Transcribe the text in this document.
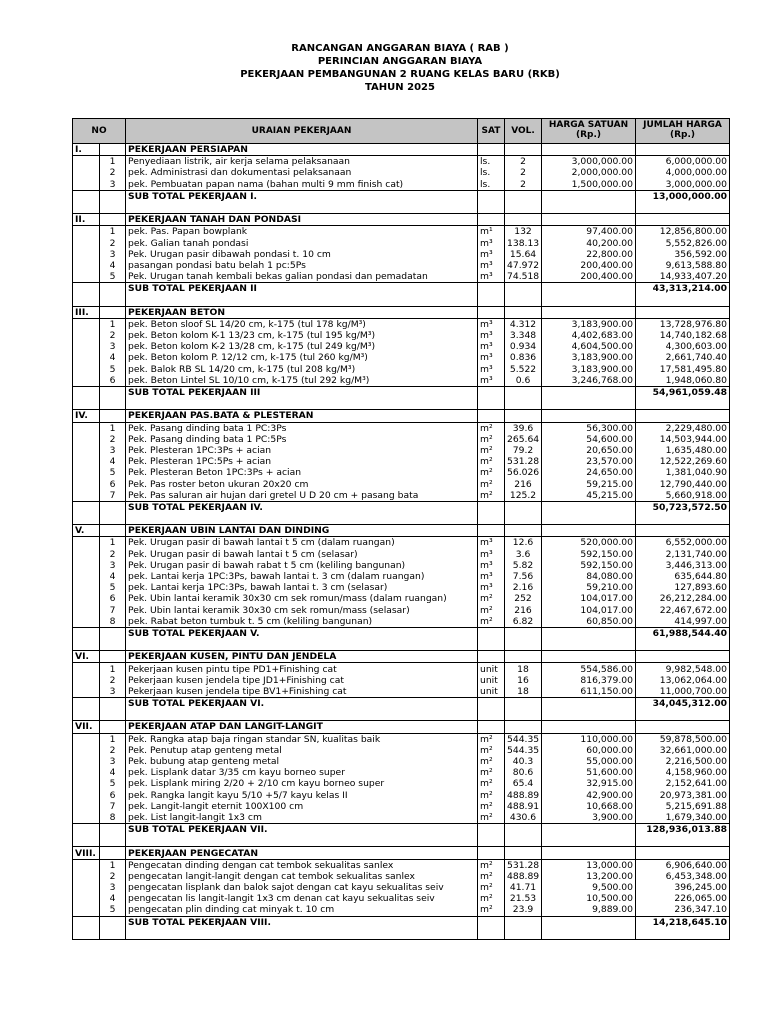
RANCANGAN ANGGARAN BIAYA ( RAB )
PERINCIAN ANGGARAN BIAYA
PEKERJAAN PEMBANGUNAN 2 RUANG KELAS BARU (RKB)
TAHUN 2025
NO		URAIAN PEKERJAAN	SAT	VOL.	HARGA SATUAN (Rp.)	JUMLAH HARGA (Rp.)
I.		PEKERJAAN PERSIAPAN				
	1	Penyediaan listrik, air kerja selama pelaksanaan	ls.	2	3,000,000.00	6,000,000.00
	2	pek. Administrasi dan dokumentasi pelaksanaan	ls.	2	2,000,000.00	4,000,000.00
	3	pek. Pembuatan papan nama (bahan multi 9 mm finish cat)	ls.	2	1,500,000.00	3,000,000.00
		SUB TOTAL PEKERJAAN I.				13,000,000.00

II.		PEKERJAAN TANAH DAN PONDASI				
	1	pek. Pas. Papan bowplank	m¹	132	97,400.00	12,856,800.00
	2	pek. Galian tanah pondasi	m³	138.13	40,200.00	5,552,826.00
	3	Pek. Urugan pasir dibawah pondasi t. 10 cm	m³	15.64	22,800.00	356,592.00
	4	pasangan pondasi batu belah 1 pc:5Ps	m³	47.972	200,400.00	9,613,588.80
	5	Pek. Urugan tanah kembali bekas galian pondasi dan pemadatan	m³	74.518	200,400.00	14,933,407.20
		SUB TOTAL PEKERJAAN II				43,313,214.00

III.		PEKERJAAN BETON				
	1	pek. Beton sloof SL 14/20 cm, k-175 (tul 178 kg/M³)	m³	4.312	3,183,900.00	13,728,976.80
	2	pek. Beton kolom K-1 13/23 cm, k-175 (tul 195 kg/M³)	m³	3.348	4,402,683.00	14,740,182.68
	3	pek. Beton kolom K-2 13/28 cm, k-175 (tul 249 kg/M³)	m³	0.934	4,604,500.00	4,300,603.00
	4	pek. Beton kolom P. 12/12 cm, k-175 (tul 260 kg/M³)	m³	0.836	3,183,900.00	2,661,740.40
	5	pek. Balok RB SL 14/20 cm, k-175 (tul 208 kg/M³)	m³	5.522	3,183,900.00	17,581,495.80
	6	pek. Beton Lintel SL 10/10 cm, k-175 (tul 292 kg/M³)	m³	0.6	3,246,768.00	1,948,060.80
		SUB TOTAL PEKERJAAN III				54,961,059.48

IV.		PEKERJAAN PAS.BATA & PLESTERAN				
	1	Pek. Pasang dinding bata 1 PC:3Ps	m²	39.6	56,300.00	2,229,480.00
	2	Pek. Pasang dinding bata 1 PC:5Ps	m²	265.64	54,600.00	14,503,944.00
	3	Pek. Plesteran 1PC:3Ps + acian	m²	79.2	20,650.00	1,635,480.00
	4	Pek. Plesteran 1PC:5Ps + acian	m²	531.28	23,570.00	12,522,269.60
	5	Pek. Plesteran Beton 1PC:3Ps + acian	m²	56.026	24,650.00	1,381,040.90
	6	Pek. Pas roster beton ukuran 20x20 cm	m²	216	59,215.00	12,790,440.00
	7	Pek. Pas saluran air hujan dari gretel U D 20 cm + pasang bata	m²	125.2	45,215.00	5,660,918.00
		SUB TOTAL PEKERJAAN IV.				50,723,572.50

V.		PEKERJAAN UBIN LANTAI DAN DINDING				
	1	Pek. Urugan pasir di bawah lantai t 5 cm (dalam ruangan)	m³	12.6	520,000.00	6,552,000.00
	2	Pek. Urugan pasir di bawah lantai t 5 cm (selasar)	m³	3.6	592,150.00	2,131,740.00
	3	Pek. Urugan pasir di bawah rabat t 5 cm (keliling bangunan)	m³	5.82	592,150.00	3,446,313.00
	4	pek. Lantai kerja 1PC:3Ps, bawah lantai t. 3 cm (dalam ruangan)	m³	7.56	84,080.00	635,644.80
	5	pek. Lantai kerja 1PC:3Ps, bawah lantai t. 3 cm (selasar)	m³	2.16	59,210.00	127,893.60
	6	Pek. Ubin lantai keramik 30x30 cm sek romun/mass (dalam ruangan)	m²	252	104,017.00	26,212,284.00
	7	Pek. Ubin lantai keramik 30x30 cm sek romun/mass (selasar)	m²	216	104,017.00	22,467,672.00
	8	pek. Rabat beton tumbuk t. 5 cm (keliling bangunan)	m²	6.82	60,850.00	414,997.00
		SUB TOTAL PEKERJAAN V.				61,988,544.40

VI.		PEKERJAAN KUSEN, PINTU DAN JENDELA				
	1	Pekerjaan kusen pintu tipe PD1+Finishing cat	unit	18	554,586.00	9,982,548.00
	2	Pekerjaan kusen jendela tipe JD1+Finishing cat	unit	16	816,379.00	13,062,064.00
	3	Pekerjaan kusen jendela tipe BV1+Finishing cat	unit	18	611,150.00	11,000,700.00
		SUB TOTAL PEKERJAAN VI.				34,045,312.00

VII.		PEKERJAAN ATAP DAN LANGIT-LANGIT				
	1	Pek. Rangka atap baja ringan standar SN, kualitas baik	m²	544.35	110,000.00	59,878,500.00
	2	Pek. Penutup atap genteng metal	m²	544.35	60,000.00	32,661,000.00
	3	Pek. bubung atap genteng metal	m²	40.3	55,000.00	2,216,500.00
	4	pek. Lisplank datar 3/35 cm kayu borneo super	m²	80.6	51,600.00	4,158,960.00
	5	pek. Lisplank miring 2/20 + 2/10 cm kayu borneo super	m²	65.4	32,915.00	2,152,641.00
	6	pek. Rangka langit kayu 5/10 +5/7 kayu kelas II	m²	488.89	42,900.00	20,973,381.00
	7	pek. Langit-langit eternit 100X100 cm	m²	488.91	10,668.00	5,215,691.88
	8	pek. List langit-langit 1x3 cm	m²	430.6	3,900.00	1,679,340.00
		SUB TOTAL PEKERJAAN VII.				128,936,013.88

VIII.		PEKERJAAN PENGECATAN				
	1	Pengecatan dinding dengan cat tembok sekualitas sanlex	m²	531.28	13,000.00	6,906,640.00
	2	pengecatan langit-langit dengan cat tembok sekualitas sanlex	m²	488.89	13,200.00	6,453,348.00
	3	pengecatan lisplank dan balok sajot dengan cat kayu sekualitas seiv	m²	41.71	9,500.00	396,245.00
	4	pengecatan lis langit-langit 1x3 cm denan cat kayu sekualitas seiv	m²	21.53	10,500.00	226,065.00
	5	pengecatan plin dinding cat minyak t. 10 cm	m²	23.9	9,889.00	236,347.10
		SUB TOTAL PEKERJAAN VIII.				14,218,645.10
